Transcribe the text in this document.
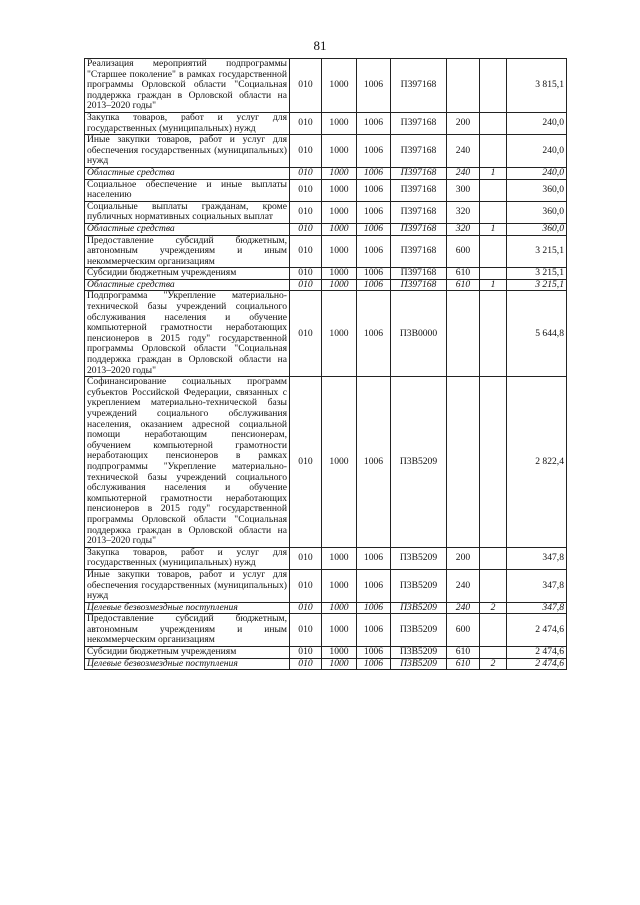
81
Реализация мероприятий подпрограммы "Старшее поколение" в рамках государственной программы Орловской области "Социальная поддержка граждан в Орловской области на 2013–2020 годы"	010	1000	1006	П397168			3 815,1
Закупка товаров, работ и услуг для государственных (муниципальных) нужд	010	1000	1006	П397168	200		240,0
Иные закупки товаров, работ и услуг для обеспечения государственных (муниципальных) нужд	010	1000	1006	П397168	240		240,0
Областные средства	010	1000	1006	П397168	240	1	240,0
Социальное обеспечение и иные выплаты населению	010	1000	1006	П397168	300		360,0
Социальные выплаты гражданам, кроме публичных нормативных социальных выплат	010	1000	1006	П397168	320		360,0
Областные средства	010	1000	1006	П397168	320	1	360,0
Предоставление субсидий бюджетным, автономным учреждениям и иным некоммерческим организациям	010	1000	1006	П397168	600		3 215,1
Субсидии бюджетным учреждениям	010	1000	1006	П397168	610		3 215,1
Областные средства	010	1000	1006	П397168	610	1	3 215,1
Подпрограмма "Укрепление материально-технической базы учреждений социального обслуживания населения и обучение компьютерной грамотности неработающих пенсионеров в 2015 году" государственной программы Орловской области "Социальная поддержка граждан в Орловской области на 2013–2020 годы"	010	1000	1006	П3В0000			5 644,8
Софинансирование социальных программ субъектов Российской Федерации, связанных с укреплением материально-технической базы учреждений социального обслуживания населения, оказанием адресной социальной помощи неработающим пенсионерам, обучением компьютерной грамотности неработающих пенсионеров в рамках подпрограммы "Укрепление материально-технической базы учреждений социального обслуживания населения и обучение компьютерной грамотности неработающих пенсионеров в 2015 году" государственной программы Орловской области "Социальная поддержка граждан в Орловской области на 2013–2020 годы"	010	1000	1006	П3В5209			2 822,4
Закупка товаров, работ и услуг для государственных (муниципальных) нужд	010	1000	1006	П3В5209	200		347,8
Иные закупки товаров, работ и услуг для обеспечения государственных (муниципальных) нужд	010	1000	1006	П3В5209	240		347,8
Целевые безвозмездные поступления	010	1000	1006	П3В5209	240	2	347,8
Предоставление субсидий бюджетным, автономным учреждениям и иным некоммерческим организациям	010	1000	1006	П3В5209	600		2 474,6
Субсидии бюджетным учреждениям	010	1000	1006	П3В5209	610		2 474,6
Целевые безвозмездные поступления	010	1000	1006	П3В5209	610	2	2 474,6
